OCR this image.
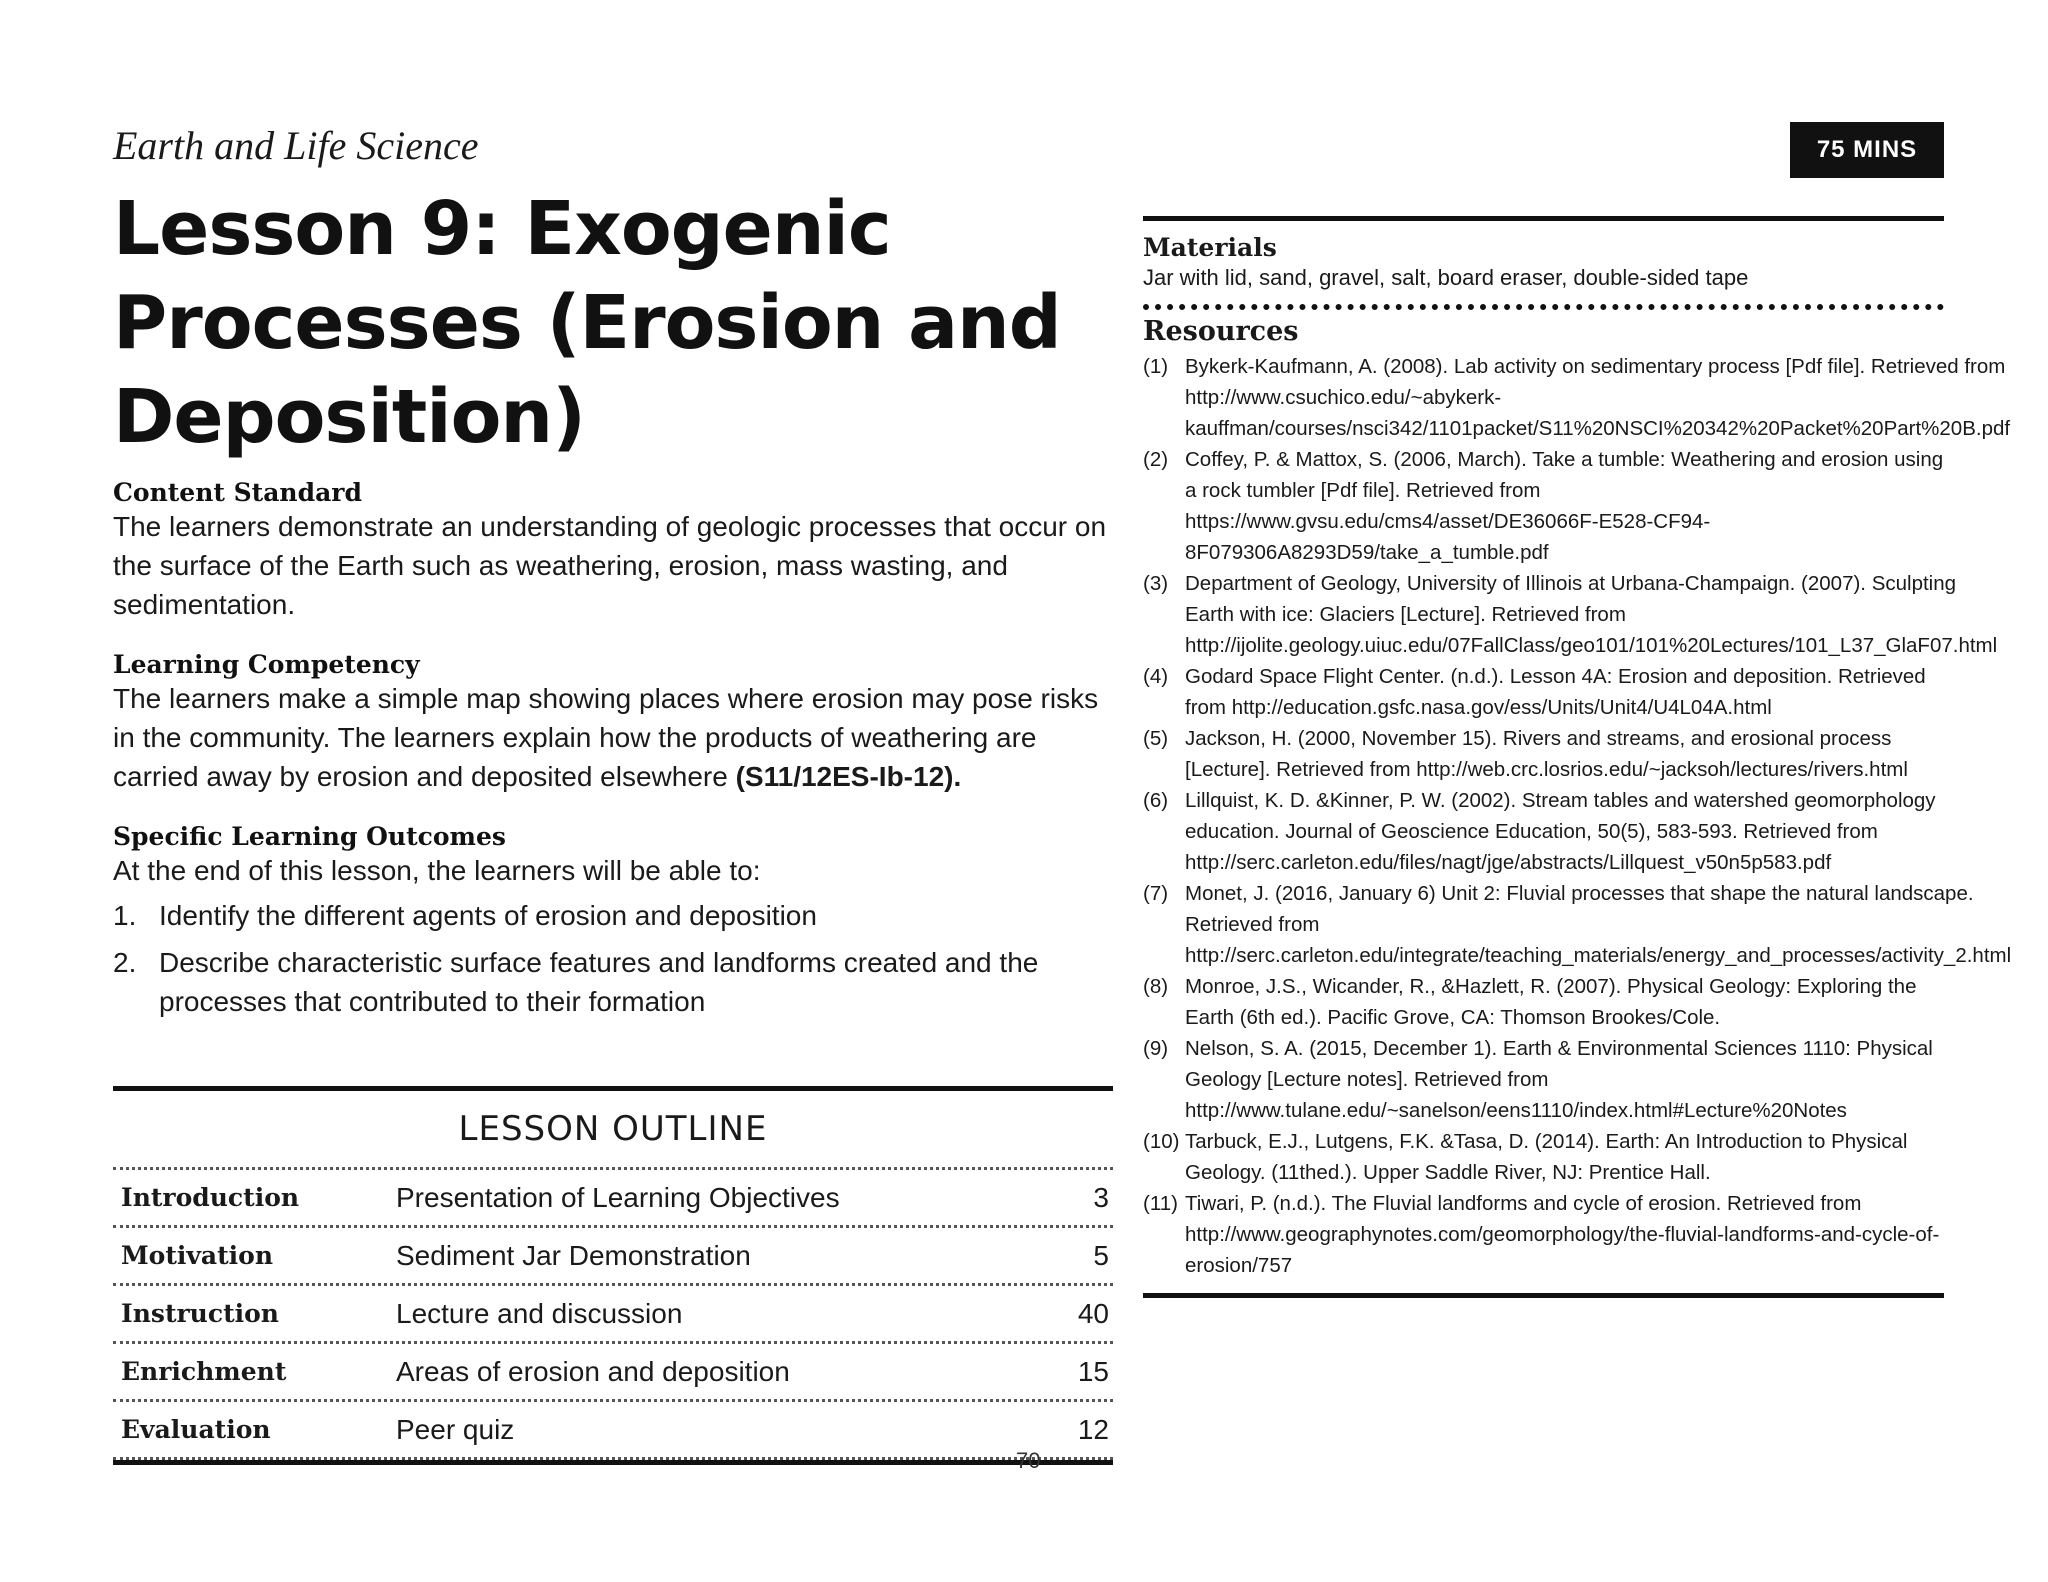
Earth and Life Science
Lesson 9: Exogenic Processes (Erosion and Deposition)
75 MINS
Content Standard
The learners demonstrate an understanding of geologic processes that occur on the surface of the Earth such as weathering, erosion, mass wasting, and sedimentation.
Learning Competency
The learners make a simple map showing places where erosion may pose risks in the community. The learners explain how the products of weathering are carried away by erosion and deposited elsewhere (S11/12ES-Ib-12).
Specific Learning Outcomes
At the end of this lesson, the learners will be able to:
1. Identify the different agents of erosion and deposition
2. Describe characteristic surface features and landforms created and the processes that contributed to their formation
LESSON OUTLINE
Introduction	Presentation of Learning Objectives	3
Motivation	Sediment Jar Demonstration	5
Instruction	Lecture and discussion	40
Enrichment	Areas of erosion and deposition	15
Evaluation	Peer quiz	12
70
Materials
Jar with lid, sand, gravel, salt, board eraser, double-sided tape
Resources
(1) Bykerk-Kaufmann, A. (2008). Lab activity on sedimentary process [Pdf file]. Retrieved from http://www.csuchico.edu/~abykerk-kauffman/courses/nsci342/1101packet/S11%20NSCI%20342%20Packet%20Part%20B.pdf
(2) Coffey, P. & Mattox, S. (2006, March). Take a tumble: Weathering and erosion using a rock tumbler [Pdf file]. Retrieved from https://www.gvsu.edu/cms4/asset/DE36066F-E528-CF94-8F079306A8293D59/take_a_tumble.pdf
(3) Department of Geology, University of Illinois at Urbana-Champaign. (2007). Sculpting Earth with ice: Glaciers [Lecture]. Retrieved from http://ijolite.geology.uiuc.edu/07FallClass/geo101/101%20Lectures/101_L37_GlaF07.html
(4) Godard Space Flight Center. (n.d.). Lesson 4A: Erosion and deposition. Retrieved from http://education.gsfc.nasa.gov/ess/Units/Unit4/U4L04A.html
(5) Jackson, H. (2000, November 15). Rivers and streams, and erosional process [Lecture]. Retrieved from http://web.crc.losrios.edu/~jacksoh/lectures/rivers.html
(6) Lillquist, K. D. &Kinner, P. W. (2002). Stream tables and watershed geomorphology education. Journal of Geoscience Education, 50(5), 583-593. Retrieved from http://serc.carleton.edu/files/nagt/jge/abstracts/Lillquest_v50n5p583.pdf
(7) Monet, J. (2016, January 6) Unit 2: Fluvial processes that shape the natural landscape. Retrieved from http://serc.carleton.edu/integrate/teaching_materials/energy_and_processes/activity_2.html
(8) Monroe, J.S., Wicander, R., &Hazlett, R. (2007). Physical Geology: Exploring the Earth (6th ed.). Pacific Grove, CA: Thomson Brookes/Cole.
(9) Nelson, S. A. (2015, December 1). Earth & Environmental Sciences 1110: Physical Geology [Lecture notes]. Retrieved from http://www.tulane.edu/~sanelson/eens1110/index.html#Lecture%20Notes
(10) Tarbuck, E.J., Lutgens, F.K. &Tasa, D. (2014). Earth: An Introduction to Physical Geology. (11thed.). Upper Saddle River, NJ: Prentice Hall.
(11) Tiwari, P. (n.d.). The Fluvial landforms and cycle of erosion. Retrieved from http://www.geographynotes.com/geomorphology/the-fluvial-landforms-and-cycle-of-erosion/757
